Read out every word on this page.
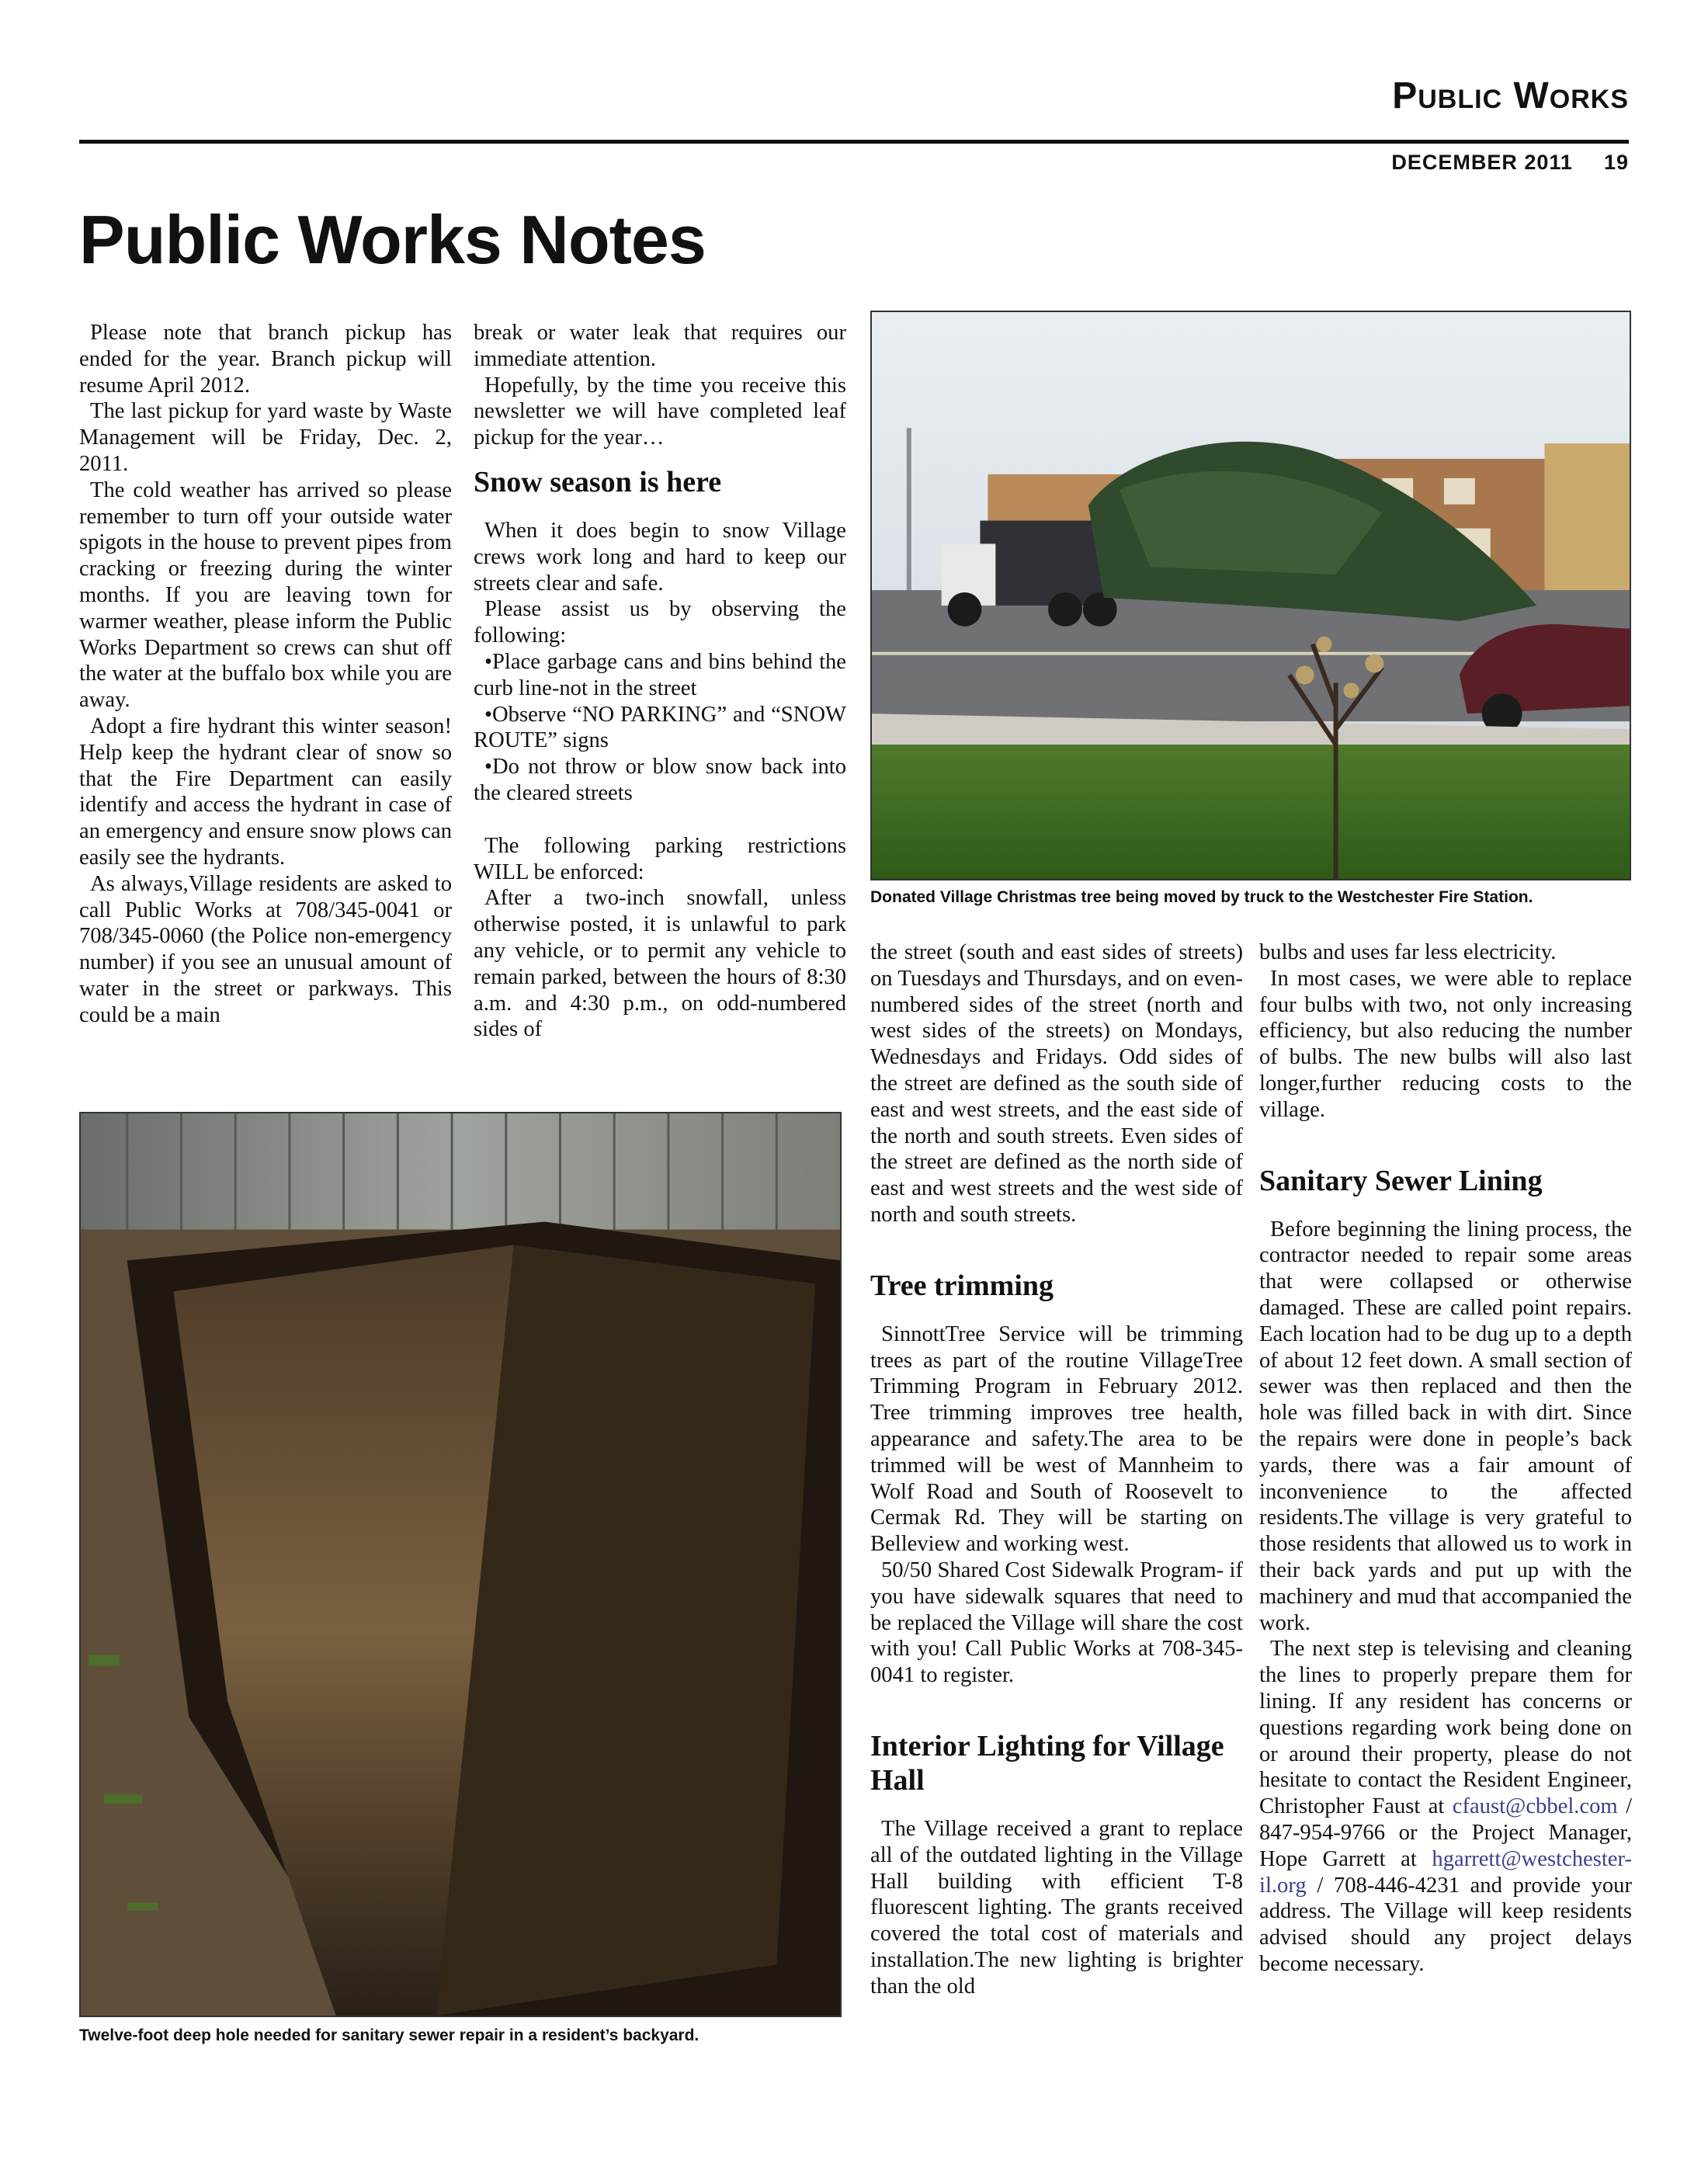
Public Works
DECEMBER 2011 19
Public Works Notes

Please note that branch pickup has ended for the year. Branch pickup will resume April 2012.

The last pickup for yard waste by Waste Management will be Friday, Dec. 2, 2011.

The cold weather has arrived so please remember to turn off your outside water spigots in the house to prevent pipes from cracking or freezing during the winter months. If you are leaving town for warmer weather, please inform the Public Works Department so crews can shut off the water at the buffalo box while you are away.

Adopt a fire hydrant this winter season! Help keep the hydrant clear of snow so that the Fire Department can easily identify and access the hydrant in case of an emergency and ensure snow plows can easily see the hydrants.

As always,Village residents are asked to call Public Works at 708/345-0041 or 708/345-0060 (the Police non-emergency number) if you see an unusual amount of water in the street or parkways. This could be a main

break or water leak that requires our immediate attention.

Hopefully, by the time you receive this newsletter we will have completed leaf pickup for the year…

Snow season is here

When it does begin to snow Village crews work long and hard to keep our streets clear and safe.

Please assist us by observing the following:

• Place garbage cans and bins behind the curb line-not in the street
• Observe “NO PARKING” and “SNOW ROUTE” signs
• Do not throw or blow snow back into the cleared streets

The following parking restrictions WILL be enforced:

After a two-inch snowfall, unless otherwise posted, it is unlawful to park any vehicle, or to permit any vehicle to remain parked, between the hours of 8:30 a.m. and 4:30 p.m., on odd-numbered sides of

Donated Village Christmas tree being moved by truck to the Westchester Fire Station.
Twelve-foot deep hole needed for sanitary sewer repair in a resident’s backyard.

the street (south and east sides of streets) on Tuesdays and Thursdays, and on even-numbered sides of the street (north and west sides of the streets) on Mondays, Wednesdays and Fridays. Odd sides of the street are defined as the south side of east and west streets, and the east side of the north and south streets. Even sides of the street are defined as the north side of east and west streets and the west side of north and south streets.

Tree trimming

SinnottTree Service will be trimming trees as part of the routine VillageTree Trimming Program in February 2012. Tree trimming improves tree health, appearance and safety.The area to be trimmed will be west of Mannheim to Wolf Road and South of Roosevelt to Cermak Rd. They will be starting on Belleview and working west.

50/50 Shared Cost Sidewalk Program- if you have sidewalk squares that need to be replaced the Village will share the cost with you! Call Public Works at 708-345-0041 to register.

Interior Lighting for Village Hall

The Village received a grant to replace all of the outdated lighting in the Village Hall building with efficient T-8 fluorescent lighting. The grants received covered the total cost of materials and installation.The new lighting is brighter than the old

bulbs and uses far less electricity.

In most cases, we were able to replace four bulbs with two, not only increasing efficiency, but also reducing the number of bulbs. The new bulbs will also last longer,further reducing costs to the village.

Sanitary Sewer Lining

Before beginning the lining process, the contractor needed to repair some areas that were collapsed or otherwise damaged. These are called point repairs. Each location had to be dug up to a depth of about 12 feet down. A small section of sewer was then replaced and then the hole was filled back in with dirt. Since the repairs were done in people’s back yards, there was a fair amount of inconvenience to the affected residents.The village is very grateful to those residents that allowed us to work in their back yards and put up with the machinery and mud that accompanied the work.

The next step is televising and cleaning the lines to properly prepare them for lining. If any resident has concerns or questions regarding work being done on or around their property, please do not hesitate to contact the Resident Engineer, Christopher Faust at cfaust@cbbel.com / 847-954-9766 or the Project Manager, Hope Garrett at hgarrett@westchester-il.org / 708-446-4231 and provide your address. The Village will keep residents advised should any project delays become necessary.
